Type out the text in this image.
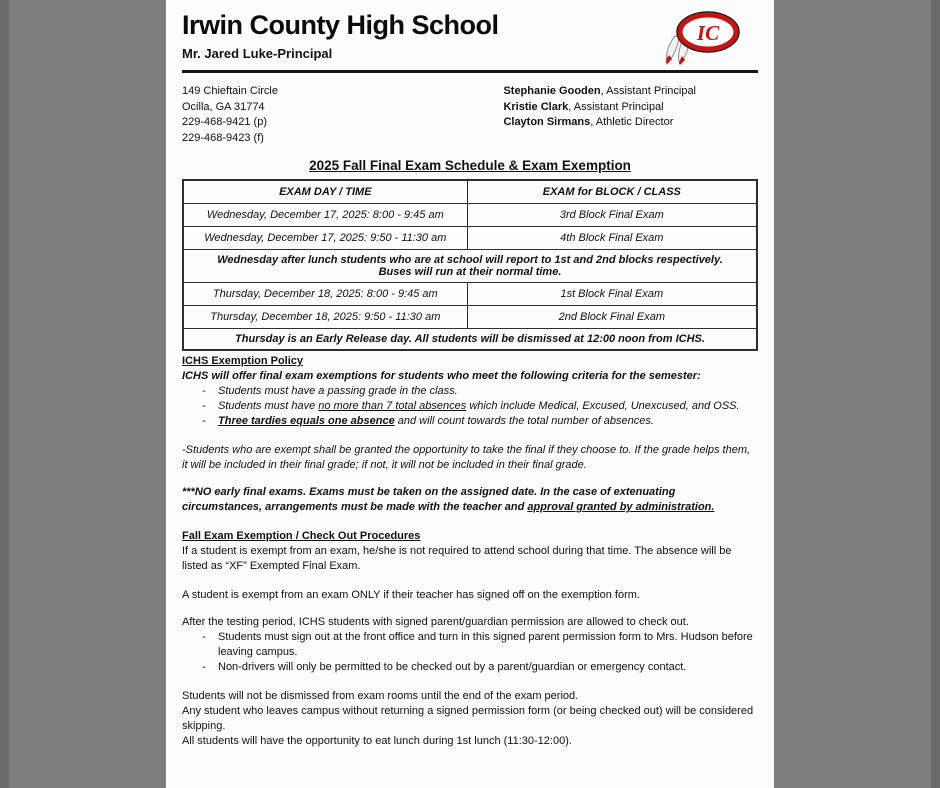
Irwin County High School
Mr. Jared Luke-Principal
IC
149 Chieftain Circle
Ocilla, GA 31774
229-468-9421 (p)
229-468-9423 (f)
Stephanie Gooden, Assistant Principal
Kristie Clark, Assistant Principal
Clayton Sirmans, Athletic Director
2025 Fall Final Exam Schedule & Exam Exemption
EXAM DAY / TIME	EXAM for BLOCK / CLASS
Wednesday, December 17, 2025: 8:00 - 9:45 am	3rd Block Final Exam
Wednesday, December 17, 2025: 9:50 - 11:30 am	4th Block Final Exam

Wednesday after lunch students who are at school will report to 1st and 2nd blocks respectively.
Buses will run at their normal time.	

Thursday, December 18, 2025: 8:00 - 9:45 am	1st Block Final Exam
Thursday, December 18, 2025: 9:50 - 11:30 am	2nd Block Final Exam
Thursday is an Early Release day. All students will be dismissed at 12:00 noon from ICHS.	
ICHS Exemption Policy
ICHS will offer final exam exemptions for students who meet the following criteria for the semester:
- Students must have a passing grade in the class.
- Students must have no more than 7 total absences which include Medical, Excused, Unexcused, and OSS.
- Three tardies equals one absence and will count towards the total number of absences.
-Students who are exempt shall be granted the opportunity to take the final if they choose to. If the grade helps them, it will be included in their final grade; if not, it will not be included in their final grade.
***NO early final exams. Exams must be taken on the assigned date. In the case of extenuating circumstances, arrangements must be made with the teacher and approval granted by administration.
Fall Exam Exemption / Check Out Procedures
If a student is exempt from an exam, he/she is not required to attend school during that time. The absence will be listed as “XF” Exempted Final Exam.
A student is exempt from an exam ONLY if their teacher has signed off on the exemption form.
After the testing period, ICHS students with signed parent/guardian permission are allowed to check out.
- Students must sign out at the front office and turn in this signed parent permission form to Mrs. Hudson before leaving campus.
- Non-drivers will only be permitted to be checked out by a parent/guardian or emergency contact.
Students will not be dismissed from exam rooms until the end of the exam period.
Any student who leaves campus without returning a signed permission form (or being checked out) will be considered skipping.
All students will have the opportunity to eat lunch during 1st lunch (11:30-12:00).
